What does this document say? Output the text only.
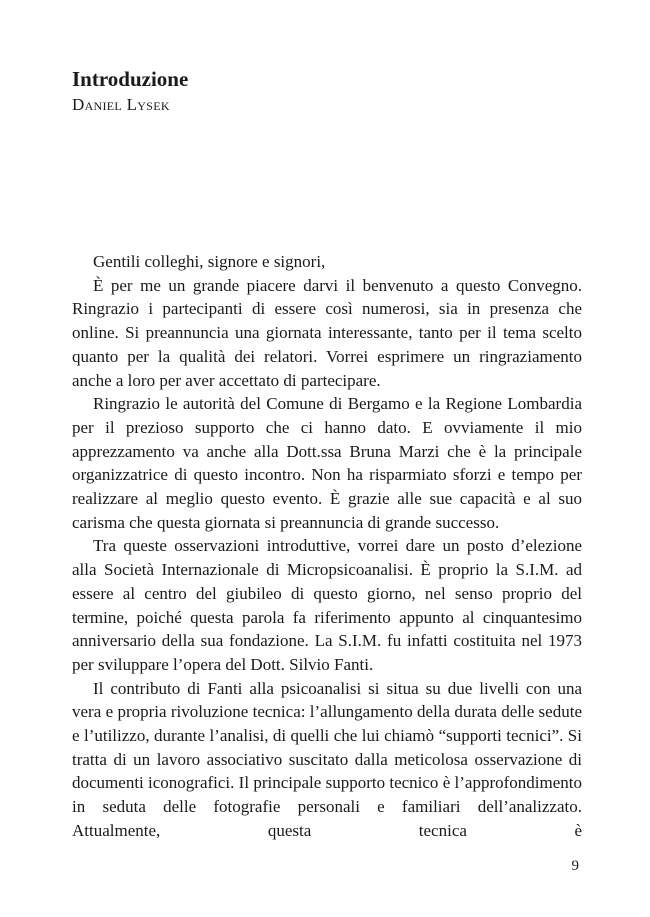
Introduzione
Daniel Lysek

Gentili colleghi, signore e signori,

È per me un grande piacere darvi il benvenuto a questo Convegno. Ringrazio i partecipanti di essere così numerosi, sia in presenza che online. Si preannuncia una giornata interessante, tanto per il tema scelto quanto per la qualità dei relatori. Vorrei esprimere un ringraziamento anche a loro per aver accettato di partecipare.

Ringrazio le autorità del Comune di Bergamo e la Regione Lombardia per il prezioso supporto che ci hanno dato. E ovviamente il mio apprezzamento va anche alla Dott.ssa Bruna Marzi che è la principale organizzatrice di questo incontro. Non ha risparmiato sforzi e tempo per realizzare al meglio questo evento. È grazie alle sue capacità e al suo carisma che questa giornata si preannuncia di grande successo.

Tra queste osservazioni introduttive, vorrei dare un posto d’elezione alla Società Internazionale di Micropsicoanalisi. È proprio la S.I.M. ad essere al centro del giubileo di questo giorno, nel senso proprio del termine, poiché questa parola fa riferimento appunto al cinquantesimo anniversario della sua fondazione. La S.I.M. fu infatti costituita nel 1973 per sviluppare l’opera del Dott. Silvio Fanti.

Il contributo di Fanti alla psicoanalisi si situa su due livelli con una vera e propria rivoluzione tecnica: l’allungamento della durata delle sedute e l’utilizzo, durante l’analisi, di quelli che lui chiamò “supporti tecnici”. Si tratta di un lavoro associativo suscitato dalla meticolosa osservazione di documenti iconografici. Il principale supporto tecnico è l’approfondimento in seduta delle fotografie personali e familiari dell’analizzato. Attualmente, questa tecnica è

9
